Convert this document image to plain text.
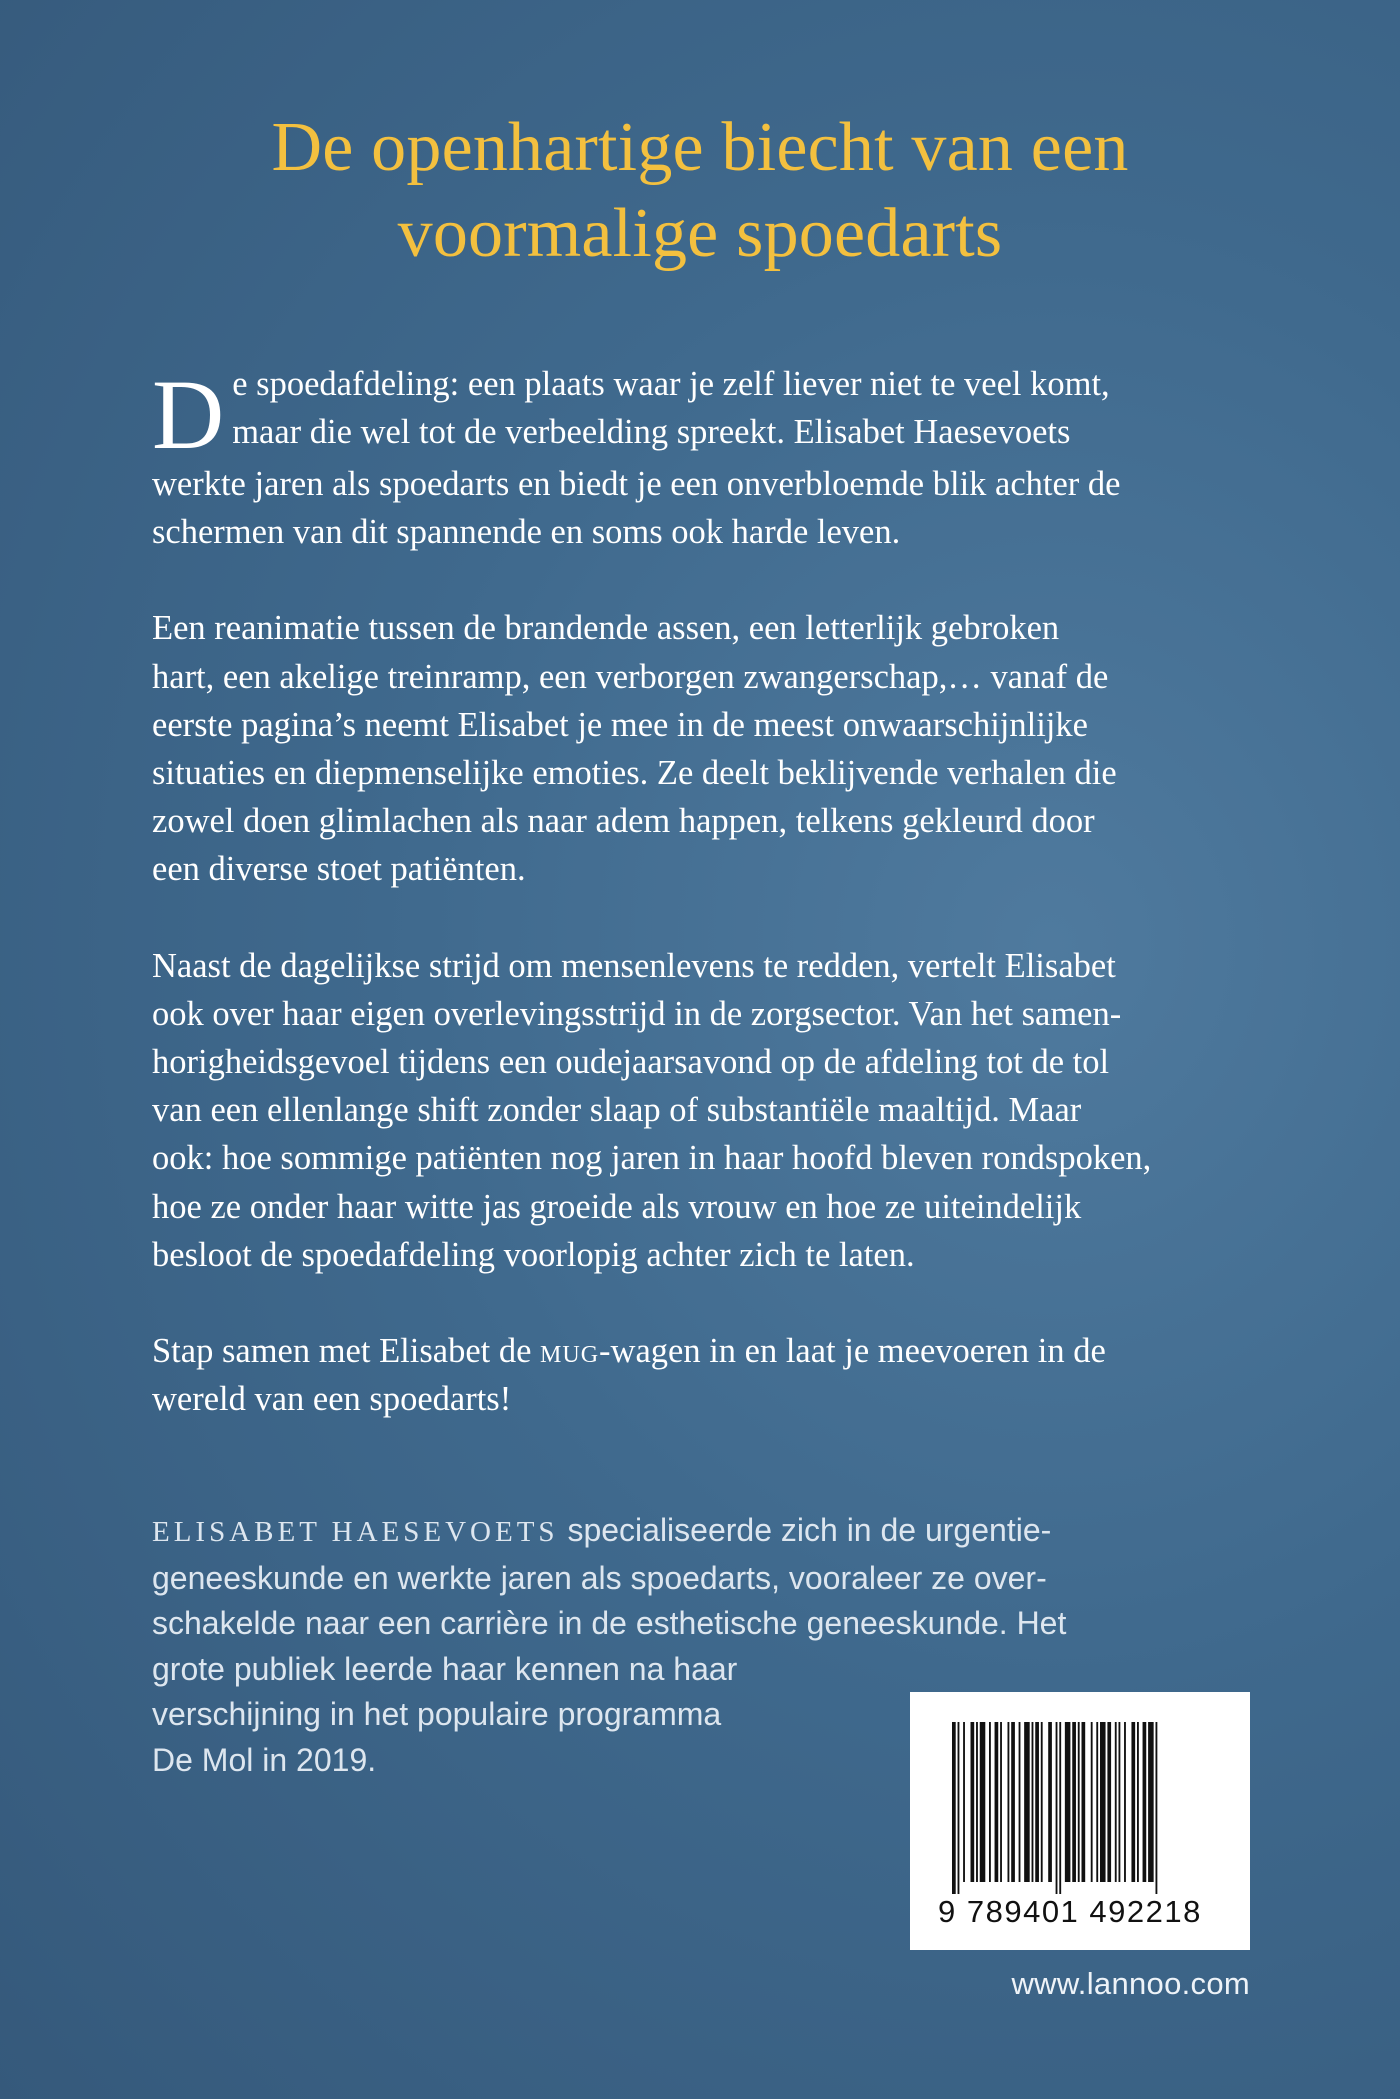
De openhartige biecht van een
voormalige spoedarts

D e spoedafdeling: een plaats waar je zelf liever niet te veel komt,
maar die wel tot de verbeelding spreekt. Elisabet Haesevoets
werkte jaren als spoedarts en biedt je een onverbloemde blik achter de
schermen van dit spannende en soms ook harde leven.

Een reanimatie tussen de brandende assen, een letterlijk gebroken
hart, een akelige treinramp, een verborgen zwangerschap,… vanaf de
eerste pagina’s neemt Elisabet je mee in de meest onwaarschijnlijke
situaties en diepmenselijke emoties. Ze deelt beklijvende verhalen die
zowel doen glimlachen als naar adem happen, telkens gekleurd door
een diverse stoet patiënten.

Naast de dagelijkse strijd om mensenlevens te redden, vertelt Elisabet
ook over haar eigen overlevingsstrijd in de zorgsector. Van het samen-
horigheidsgevoel tijdens een oudejaarsavond op de afdeling tot de tol
van een ellenlange shift zonder slaap of substantiële maaltijd. Maar
ook: hoe sommige patiënten nog jaren in haar hoofd bleven rondspoken,
hoe ze onder haar witte jas groeide als vrouw en hoe ze uiteindelijk
besloot de spoedafdeling voorlopig achter zich te laten.

Stap samen met Elisabet de mug-wagen in en laat je meevoeren in de
wereld van een spoedarts!

ELISABET HAESEVOETS specialiseerde zich in de urgentie-
geneeskunde en werkte jaren als spoedarts, vooraleer ze over-
schakelde naar een carrière in de esthetische geneeskunde. Het
grote publiek leerde haar kennen na haar
verschijning in het populaire programma
De Mol in 2019.
9 789401 492218
www.lannoo.com
